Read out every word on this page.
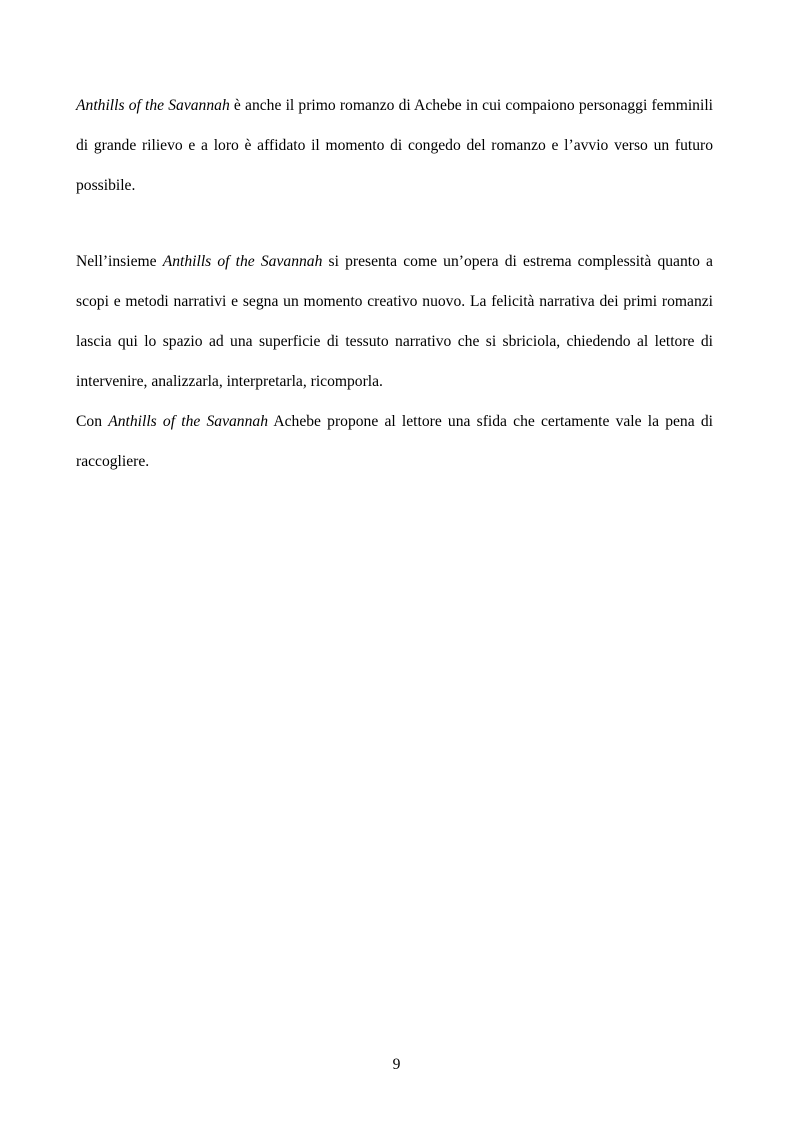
Anthills of the Savannah è anche il primo romanzo di Achebe in cui compaiono personaggi femminili di grande rilievo e a loro è affidato il momento di congedo del romanzo e l’avvio verso un futuro possibile.

Nell’insieme Anthills of the Savannah si presenta come un’opera di estrema complessità quanto a scopi e metodi narrativi e segna un momento creativo nuovo. La felicità narrativa dei primi romanzi lascia qui lo spazio ad una superficie di tessuto narrativo che si sbriciola, chiedendo al lettore di intervenire, analizzarla, interpretarla, ricomporla.

Con Anthills of the Savannah Achebe propone al lettore una sfida che certamente vale la pena di raccogliere.

9
